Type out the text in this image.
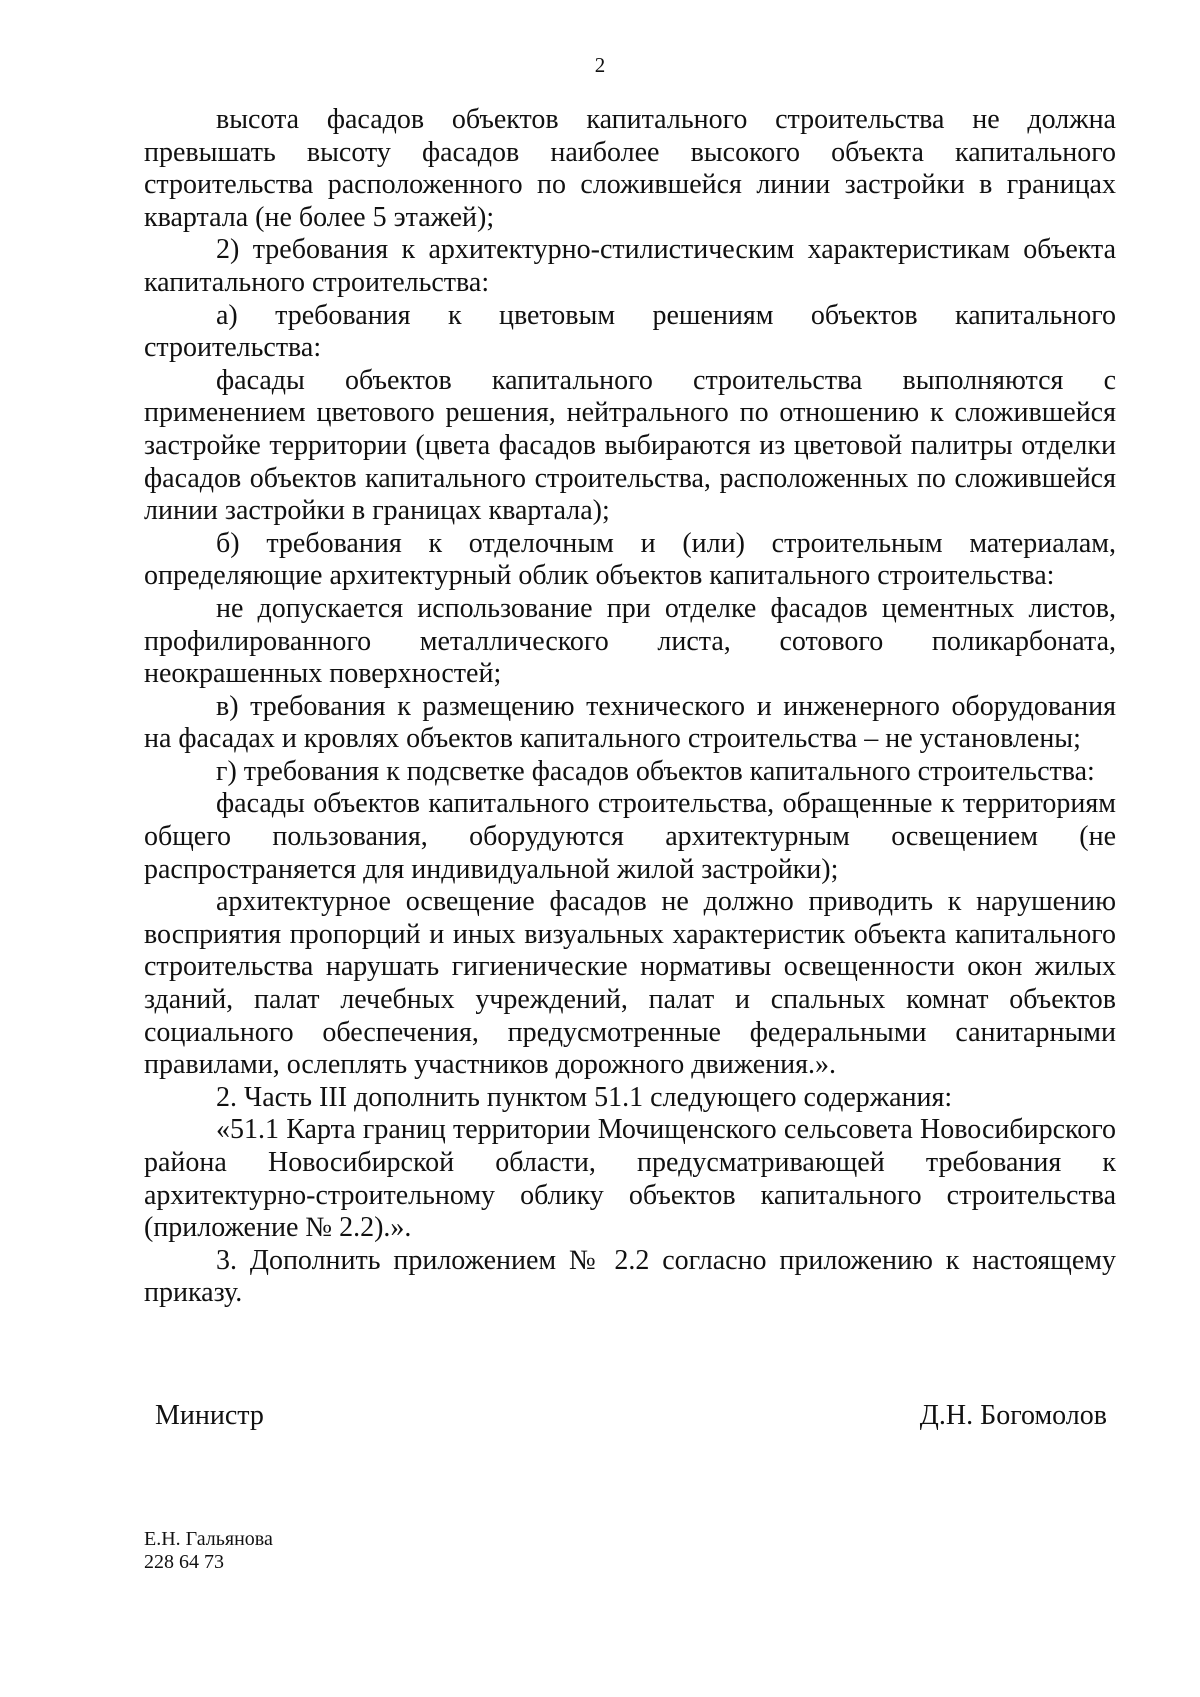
2

высота фасадов объектов капитального строительства не должна превышать высоту фасадов наиболее высокого объекта капитального строительства расположенного по сложившейся линии застройки в границах квартала (не более 5 этажей);

2) требования к архитектурно-стилистическим характеристикам объекта капитального строительства:

а) требования к цветовым решениям объектов капитального строительства:

фасады объектов капитального строительства выполняются с применением цветового решения, нейтрального по отношению к сложившейся застройке территории (цвета фасадов выбираются из цветовой палитры отделки фасадов объектов капитального строительства, расположенных по сложившейся линии застройки в границах квартала);

б) требования к отделочным и (или) строительным материалам, определяющие архитектурный облик объектов капитального строительства:

не допускается использование при отделке фасадов цементных листов, профилированного металлического листа, сотового поликарбоната, неокрашенных поверхностей;

в) требования к размещению технического и инженерного оборудования на фасадах и кровлях объектов капитального строительства – не установлены;

г) требования к подсветке фасадов объектов капитального строительства:

фасады объектов капитального строительства, обращенные к территориям общего пользования, оборудуются архитектурным освещением (не распространяется для индивидуальной жилой застройки);

архитектурное освещение фасадов не должно приводить к нарушению восприятия пропорций и иных визуальных характеристик объекта капитального строительства нарушать гигиенические нормативы освещенности окон жилых зданий, палат лечебных учреждений, палат и спальных комнат объектов социального обеспечения, предусмотренные федеральными санитарными правилами, ослеплять участников дорожного движения.».

2. Часть III дополнить пунктом 51.1 следующего содержания:

«51.1 Карта границ территории Мочищенского сельсовета Новосибирского района Новосибирской области, предусматривающей требования к архитектурно-строительному облику объектов капитального строительства (приложение № 2.2).».

3. Дополнить приложением № 2.2 согласно приложению к настоящему приказу.

Министр	Д.Н. Богомолов
Е.Н. Гальянова
228 64 73
